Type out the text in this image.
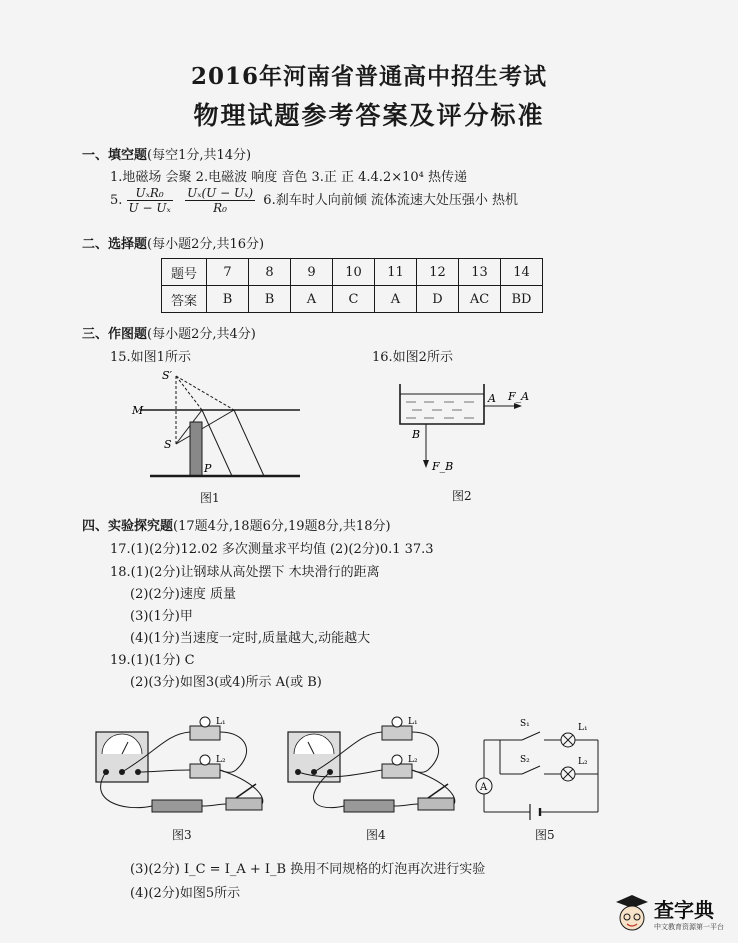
2016年河南省普通高中招生考试
物理试题参考答案及评分标准
一、填空题(每空1分,共14分)
1.地磁场 会聚 2.电磁波 响度 音色 3.正 正 4.4.2×10⁴ 热传递
5. $\frac{\text{UₓR₀}}{\text{U − Uₓ}}$
$\frac{\text{Uₓ(U − Uₓ)}}{\text{R₀}} 6$.刹车时人向前倾 流体流速大处压强小 热机
二、选择题(每小题2分,共16分)
题号	7	8	9	10	11	12	13	14
答案	B	B	A	C	A	D	AC	BD
三、作图题(每小题2分,共4分)
15.如图1所示	16.如图2所示
S′
M
S
P
图1
A F_A
B
F_B
图2
四、实验探究题(17题4分,18题6分,19题8分,共18分)
17.(1)(2分)12.02 多次测量求平均值 (2)(2分)0.1 37.3
18.(1)(2分)让钢球从高处摆下 木块滑行的距离
(2)(2分)速度 质量
(3)(1分)甲
(4)(1分)当速度一定时,质量越大,动能越大
19.(1)(1分) C
(2)(3分)如图3(或4)所示 A(或 B)
L₁
L₂
图3
L₁
L₂
图4
A
S₁
S₂
L₁
L₂
图5
(3)(2分) I_C = I_A + I_B 换用不同规格的灯泡再次进行实验
(4)(2分)如图5所示
查字典
中文教育资源第一平台
